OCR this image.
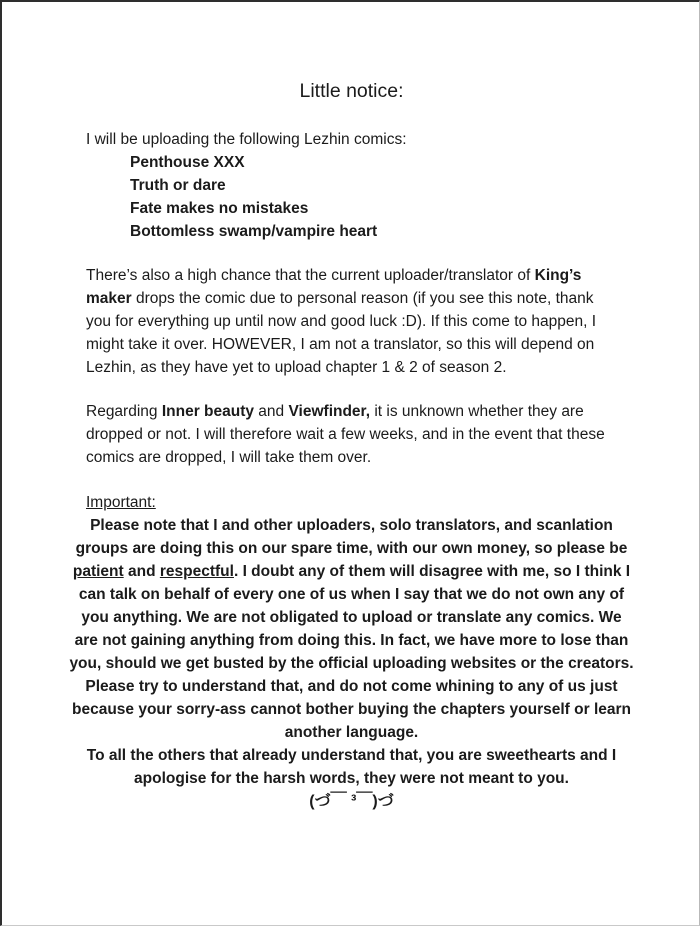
Little notice:

I will be uploading the following Lezhin comics:

Penthouse XXX
Truth or dare
Fate makes no mistakes
Bottomless swamp/vampire heart

There’s also a high chance that the current uploader/translator of King’s maker drops the comic due to personal reason (if you see this note, thank you for everything up until now and good luck :D). If this come to happen, I might take it over. HOWEVER, I am not a translator, so this will depend on Lezhin, as they have yet to upload chapter 1 & 2 of season 2.

Regarding Inner beauty and Viewfinder, it is unknown whether they are dropped or not. I will therefore wait a few weeks, and in the event that these comics are dropped, I will take them over.

Important:

Please note that I and other uploaders, solo translators, and scanlation groups are doing this on our spare time, with our own money, so please be patient and respectful. I doubt any of them will disagree with me, so I think I can talk on behalf of every one of us when I say that we do not own any of you anything. We are not obligated to upload or translate any comics. We are not gaining anything from doing this. In fact, we have more to lose than you, should we get busted by the official uploading websites or the creators. Please try to understand that, and do not come whining to any of us just because your sorry-ass cannot bother buying the chapters yourself or learn another language.

To all the others that already understand that, you are sweethearts and I apologise for the harsh words, they were not meant to you.

(づ￣ ³￣)づ
